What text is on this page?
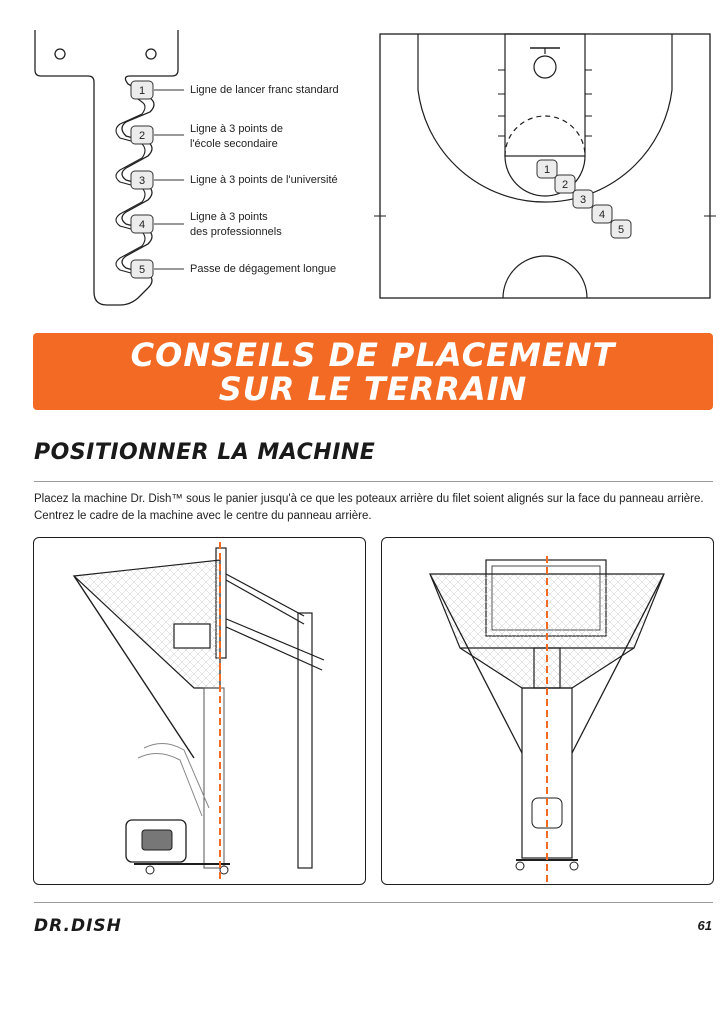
1
2
3
4
5
Ligne de lancer franc standard
Ligne à 3 points de
l'école secondaire
Ligne à 3 points de l'université
Ligne à 3 points
des professionnels
Passe de dégagement longue
1
2
3
4
5
CONSEILS DE PLACEMENT
SUR LE TERRAIN
POSITIONNER LA MACHINE
Placez la machine Dr. Dish™ sous le panier jusqu'à ce que les poteaux arrière du filet soient alignés sur la face du panneau arrière. Centrez le cadre de la machine avec le centre du panneau arrière.
DR.DISH	61
